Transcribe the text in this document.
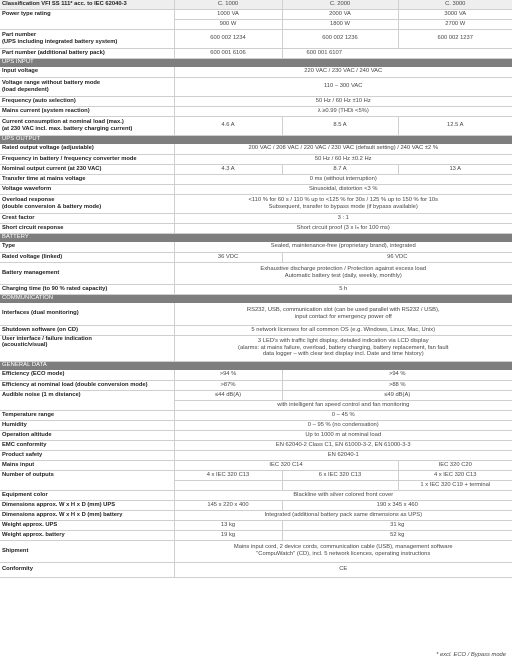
Classification VFI SS 111* acc. to IEC 62040-3	C. 1000	C. 2000	C. 3000
Power type rating	1000 VA	2000 VA	3000 VA
	900 W	1800 W	2700 W
Part number
(UPS including integrated battery system)	600 002 1234	600 002 1236	600 002 1237
Part number (additional battery pack)	600 001 6106	600 001 6107	
UPS INPUT			
Input voltage	220 VAC / 230 VAC / 240 VAC		
Voltage range without battery mode
(load dependent)	110 – 300 VAC		
Frequency (auto selection)	50 Hz / 60 Hz ±10 Hz		
Mains current (system reaction)	λ ≥0.99 (THDi <5%)		
Current consumption at nominal load (max.)
(at 230 VAC incl. max. battery charging current)	4.6 A	8.5 A	12.5 A
UPS OUTPUT			
Rated output voltage (adjustable)	200 VAC / 208 VAC / 220 VAC / 230 VAC (default setting) / 240 VAC ±2 %		
Frequency in battery / frequency converter mode	50 Hz / 60 Hz ±0.2 Hz		
Nominal output current (at 230 VAC)	4.3 A	8.7 A	13 A
Transfer time at mains voltage	0 ms (without interruption)		
Voltage waveform	Sinusoidal, distortion <3 %		
Overload response
(double conversion & battery mode)	<110 % for 60 s / 110 % up to <125 % for 30s / 125 % up to 150 % for 10s
Subsequent, transfer to bypass mode (if bypass available)		
Crest factor	3 : 1		
Short circuit response	Short circuit proof (3 x Iₙ for 100 ms)		
BATTERY			
Type	Sealed, maintenance-free (proprietary brand), integrated		
Rated voltage (linked)	36 VDC	96 VDC	
Battery management	Exhaustive discharge protection / Protection against excess load
Automatic battery test (daily, weekly, monthly)		
Charging time (to 90 % rated capacity)	5 h		
COMMUNICATION			
Interfaces (dual monitoring)	RS232, USB, communication slot (can be used parallel with RS232 / USB),
input contact for emergency power off		
Shutdown software (on CD)	5 network licenses for all common OS (e.g. Windows, Linux, Mac, Unix)		
User interface / failure indication
(acoustic/visual)	3 LED's with traffic light display, detailed indication via LCD display
(alarms: at mains failure, overload, battery charging, battery replacement, fan fault
data logger – with clear text display incl. Date and time history)		
GENERAL DATA			
Efficiency (ECO mode)	>94 %	>94 %	
Efficiency at nominal load (double conversion mode)	>87%	>88 %	
Audible noise (1 m distance)	≤44 dB(A)	≤49 dB(A)	
	with intelligent fan speed control and fan monitoring		
Temperature range	0 – 45 %		
Humidity	0 – 95 % (no condensation)		
Operation altitude	Up to 1000 m at nominal load		
EMC conformity	EN 62040-2 Class C1, EN 61000-3-2, EN 61000-3-3		
Product safety	EN 62040-1		
Mains input	IEC 320 C14		IEC 320 C20
Number of outputs	4 x IEC 320 C13	6 x IEC 320 C13	4 x IEC 320 C13
			1 x IEC 320 C19 + terminal
Equipment color	Blackline with silver colored front cover		
Dimensions approx. W x H x D (mm) UPS	145 x 220 x 400	190 x 345 x 460	
Dimensions approx. W x H x D (mm) battery	Integrated (additional battery pack same dimensions as UPS)		
Weight approx. UPS	13 kg	31 kg	
Weight approx. battery	19 kg	52 kg	
Shipment	Mains input cord, 2 device cords, communication cable (USB), management software
"CompuWatch" (CD), incl. 5 network licences, operating instructions		
Conformity	CE		
* excl. ECO / Bypass mode
